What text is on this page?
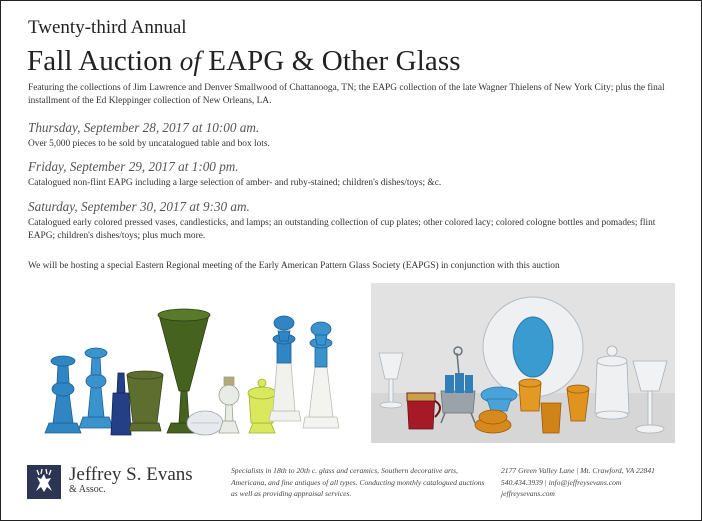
Twenty-third Annual
Fall Auction of EAPG & Other Glass
Featuring the collections of Jim Lawrence and Denver Smallwood of Chattanooga, TN; the EAPG collection of the late Wagner Thielens of New York City; plus the final installment of the Ed Kleppinger collection of New Orleans, LA.
Thursday, September 28, 2017 at 10:00 am.
Over 5,000 pieces to be sold by uncatalogued table and box lots.
Friday, September 29, 2017 at 1:00 pm.
Catalogued non-flint EAPG including a large selection of amber- and ruby-stained; children's dishes/toys; &c.
Saturday, September 30, 2017 at 9:30 am.
Catalogued early colored pressed vases, candlesticks, and lamps; an outstanding collection of cup plates; other colored lacy; colored cologne bottles and pomades; flint EAPG; children's dishes/toys; plus much more.
We will be hosting a special Eastern Regional meeting of the Early American Pattern Glass Society (EAPGS) in conjunction with this auction
Jeffrey S. Evans
& Assoc.
Specialists in 18th to 20th c. glass and ceramics, Southern decorative arts, Americana, and fine antiques of all types. Conducting monthly catalogued auctions as well as providing appraisal services.
2177 Green Valley Lane | Mt. Crawford, VA 22841
540.434.3939 | info@jeffreysevans.com
jeffreysevans.com
